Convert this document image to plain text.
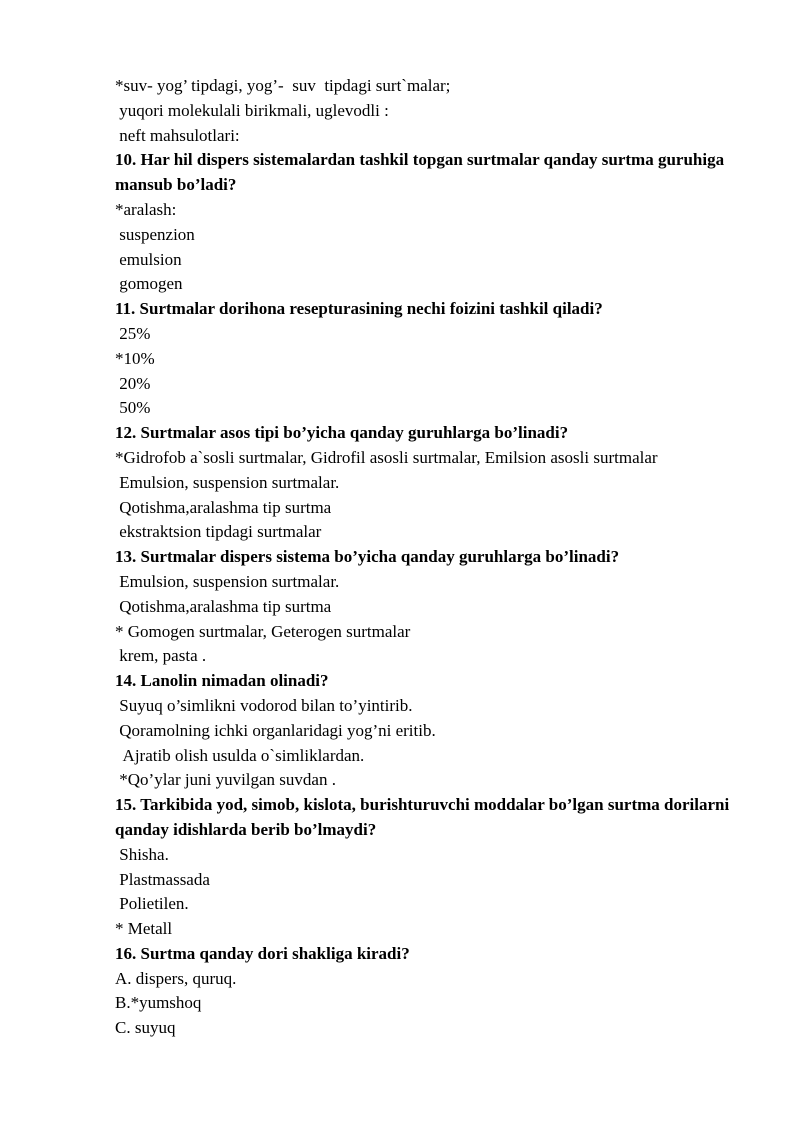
*suv- yog’ tipdagi, yog’-  suv  tipdagi surt`malar;

yuqori molekulali birikmali, uglevodli :

neft mahsulotlari:

10. Har hil dispers sistemalardan tashkil topgan surtmalar qanday surtma guruhiga mansub bo’ladi?

*aralash:

suspenzion

emulsion

gomogen

11. Surtmalar dorihona resepturasining nechi foizini tashkil qiladi?

25%

*10%

20%

50%

12. Surtmalar asos tipi bo’yicha qanday guruhlarga bo’linadi?

*Gidrofob a`sosli surtmalar, Gidrofil asosli surtmalar, Emilsion asosli surtmalar

Emulsion, suspension surtmalar.

Qotishma,aralashma tip surtma

ekstraktsion tipdagi surtmalar

13. Surtmalar dispers sistema bo’yicha qanday guruhlarga bo’linadi?

Emulsion, suspension surtmalar.

Qotishma,aralashma tip surtma

* Gomogen surtmalar, Geterogen surtmalar

krem, pasta .

14. Lanolin nimadan olinadi?

Suyuq o’simlikni vodorod bilan to’yintirib.

Qoramolning ichki organlaridagi yog’ni eritib.

Ajratib olish usulda o`simliklardan.

*Qo’ylar juni yuvilgan suvdan .

15. Tarkibida yod, simob, kislota, burishturuvchi moddalar bo’lgan surtma dorilarni qanday idishlarda berib bo’lmaydi?

Shisha.

Plastmassada

Polietilen.

* Metall

16. Surtma qanday dori shakliga kiradi?

A. dispers, quruq.

B.*yumshoq

C. suyuq
